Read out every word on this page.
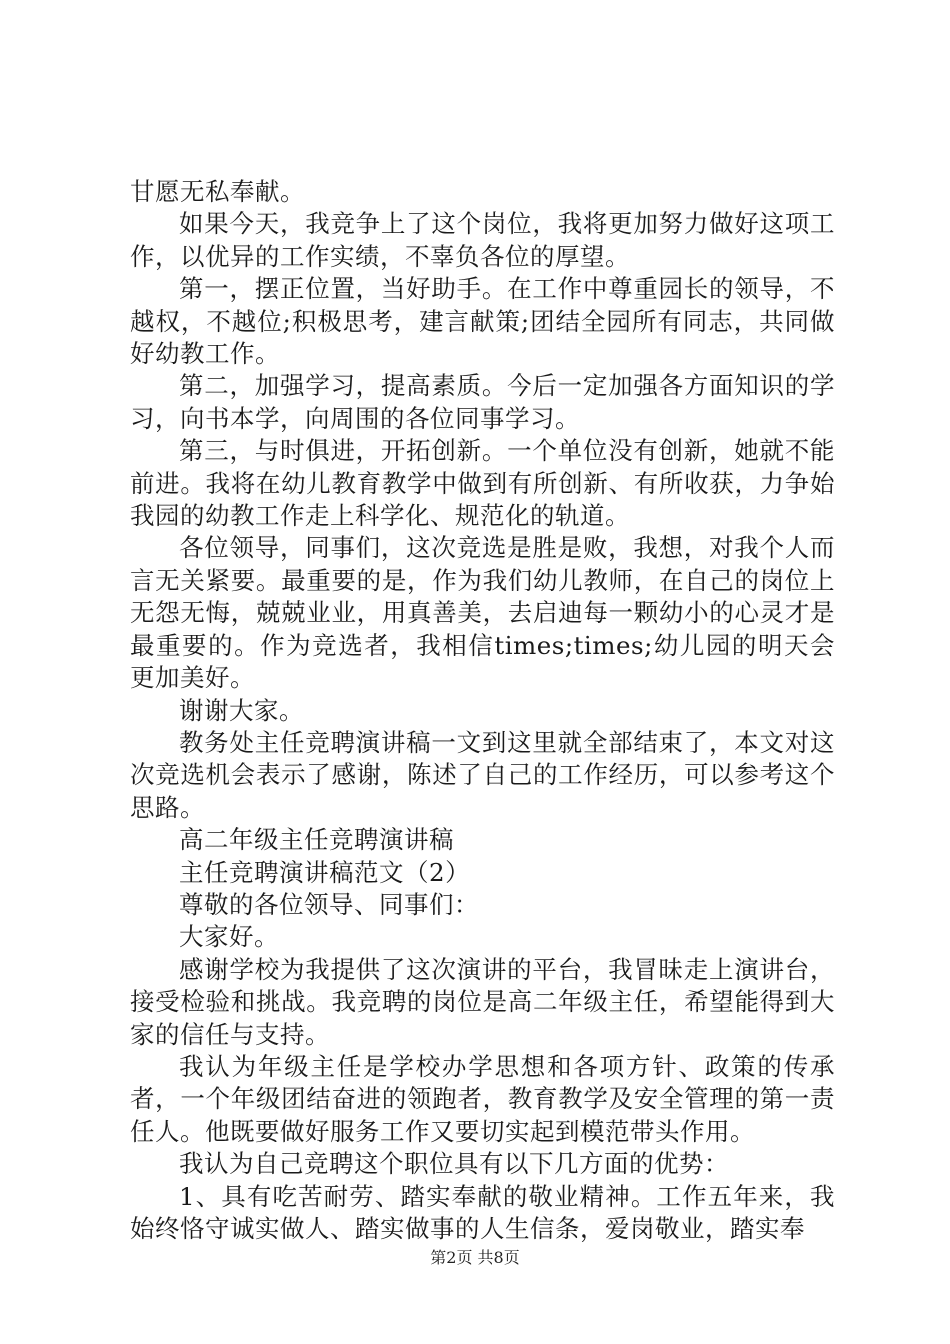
甘愿无私奉献。

如果今天，我竞争上了这个岗位，我将更加努力做好这项工作，以优异的工作实绩，不辜负各位的厚望。

第一，摆正位置，当好助手。在工作中尊重园长的领导，不越权，不越位;积极思考，建言献策;团结全园所有同志，共同做好幼教工作。

第二，加强学习，提高素质。今后一定加强各方面知识的学习，向书本学，向周围的各位同事学习。

第三，与时俱进，开拓创新。一个单位没有创新，她就不能前进。我将在幼儿教育教学中做到有所创新、有所收获，力争始我园的幼教工作走上科学化、规范化的轨道。

各位领导，同事们，这次竞选是胜是败，我想，对我个人而言无关紧要。最重要的是，作为我们幼儿教师，在自己的岗位上无怨无悔，兢兢业业，用真善美，去启迪每一颗幼小的心灵才是最重要的。作为竞选者，我相信times;times;幼儿园的明天会更加美好。

谢谢大家。

教务处主任竞聘演讲稿一文到这里就全部结束了，本文对这次竞选机会表示了感谢，陈述了自己的工作经历，可以参考这个思路。

高二年级主任竞聘演讲稿

主任竞聘演讲稿范文（2）

尊敬的各位领导、同事们：

大家好。

感谢学校为我提供了这次演讲的平台，我冒昧走上演讲台，接受检验和挑战。我竞聘的岗位是高二年级主任，希望能得到大家的信任与支持。

我认为年级主任是学校办学思想和各项方针、政策的传承者，一个年级团结奋进的领跑者，教育教学及安全管理的第一责任人。他既要做好服务工作又要切实起到模范带头作用。

我认为自己竞聘这个职位具有以下几方面的优势：

1、具有吃苦耐劳、踏实奉献的敬业精神。工作五年来，我始终恪守诚实做人、踏实做事的人生信条，爱岗敬业，踏实奉

第2页 共8页
